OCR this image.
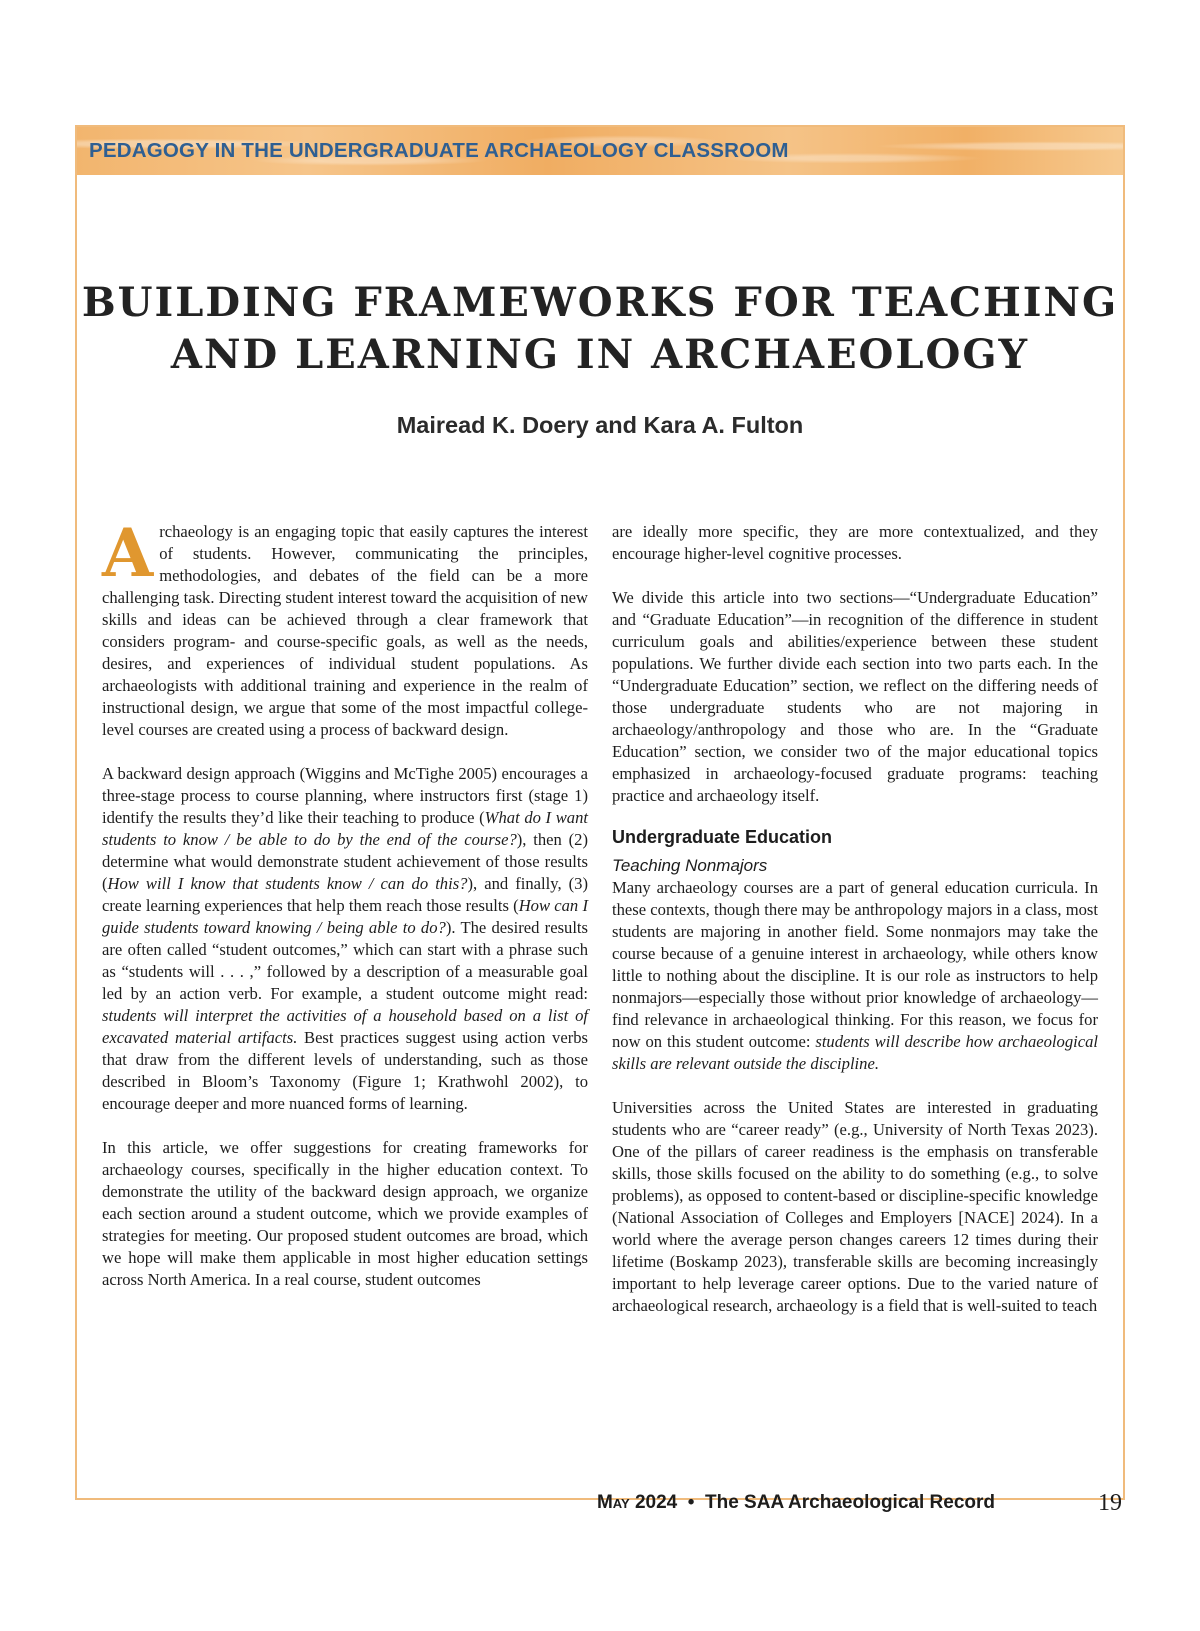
PEDAGOGY IN THE UNDERGRADUATE ARCHAEOLOGY CLASSROOM
BUILDING FRAMEWORKS FOR TEACHING
AND LEARNING IN ARCHAEOLOGY
Mairead K. Doery and Kara A. Fulton

Archaeology is an engaging topic that easily captures the interest of students. However, communicating the principles, methodologies, and debates of the field can be a more challenging task. Directing student interest toward the acquisition of new skills and ideas can be achieved through a clear framework that considers program- and course-specific goals, as well as the needs, desires, and experiences of individual student populations. As archaeologists with additional training and experience in the realm of instructional design, we argue that some of the most impactful college-level courses are created using a process of backward design.

A backward design approach (Wiggins and McTighe 2005) encourages a three-stage process to course planning, where instructors first (stage 1) identify the results they’d like their teaching to produce (What do I want students to know / be able to do by the end of the course?), then (2) determine what would demonstrate student achievement of those results (How will I know that students know / can do this?), and finally, (3) create learning experiences that help them reach those results (How can I guide students toward knowing / being able to do?). The desired results are often called “student outcomes,” which can start with a phrase such as “students will . . . ,” followed by a description of a measurable goal led by an action verb. For example, a student outcome might read: students will interpret the activities of a household based on a list of excavated material artifacts. Best practices suggest using action verbs that draw from the different levels of understanding, such as those described in Bloom’s Taxonomy (Figure 1; Krathwohl 2002), to encourage deeper and more nuanced forms of learning.

In this article, we offer suggestions for creating frameworks for archaeology courses, specifically in the higher education context. To demonstrate the utility of the backward design approach, we organize each section around a student outcome, which we provide examples of strategies for meeting. Our proposed student outcomes are broad, which we hope will make them applicable in most higher education settings across North America. In a real course, student outcomes

are ideally more specific, they are more contextualized, and they encourage higher-level cognitive processes.

We divide this article into two sections—“Undergraduate Education” and “Graduate Education”—in recognition of the difference in student curriculum goals and abilities/experience between these student populations. We further divide each section into two parts each. In the “Undergraduate Education” section, we reflect on the differing needs of those undergraduate students who are not majoring in archaeology/anthropology and those who are. In the “Graduate Education” section, we consider two of the major educational topics emphasized in archaeology-focused graduate programs: teaching practice and archaeology itself.

Undergraduate Education
Teaching Nonmajors

Many archaeology courses are a part of general education curricula. In these contexts, though there may be anthropology majors in a class, most students are majoring in another field. Some nonmajors may take the course because of a genuine interest in archaeology, while others know little to nothing about the discipline. It is our role as instructors to help nonmajors—especially those without prior knowledge of archaeology—find relevance in archaeological thinking. For this reason, we focus for now on this student outcome: students will describe how archaeological skills are relevant outside the discipline.

Universities across the United States are interested in graduating students who are “career ready” (e.g., University of North Texas 2023). One of the pillars of career readiness is the emphasis on transferable skills, those skills focused on the ability to do something (e.g., to solve problems), as opposed to content-based or discipline-specific knowledge (National Association of Colleges and Employers [NACE] 2024). In a world where the average person changes careers 12 times during their lifetime (Boskamp 2023), transferable skills are becoming increasingly important to help leverage career options. Due to the varied nature of archaeological research, archaeology is a field that is well-suited to teach

May 2024 • The SAA Archaeological Record	19
